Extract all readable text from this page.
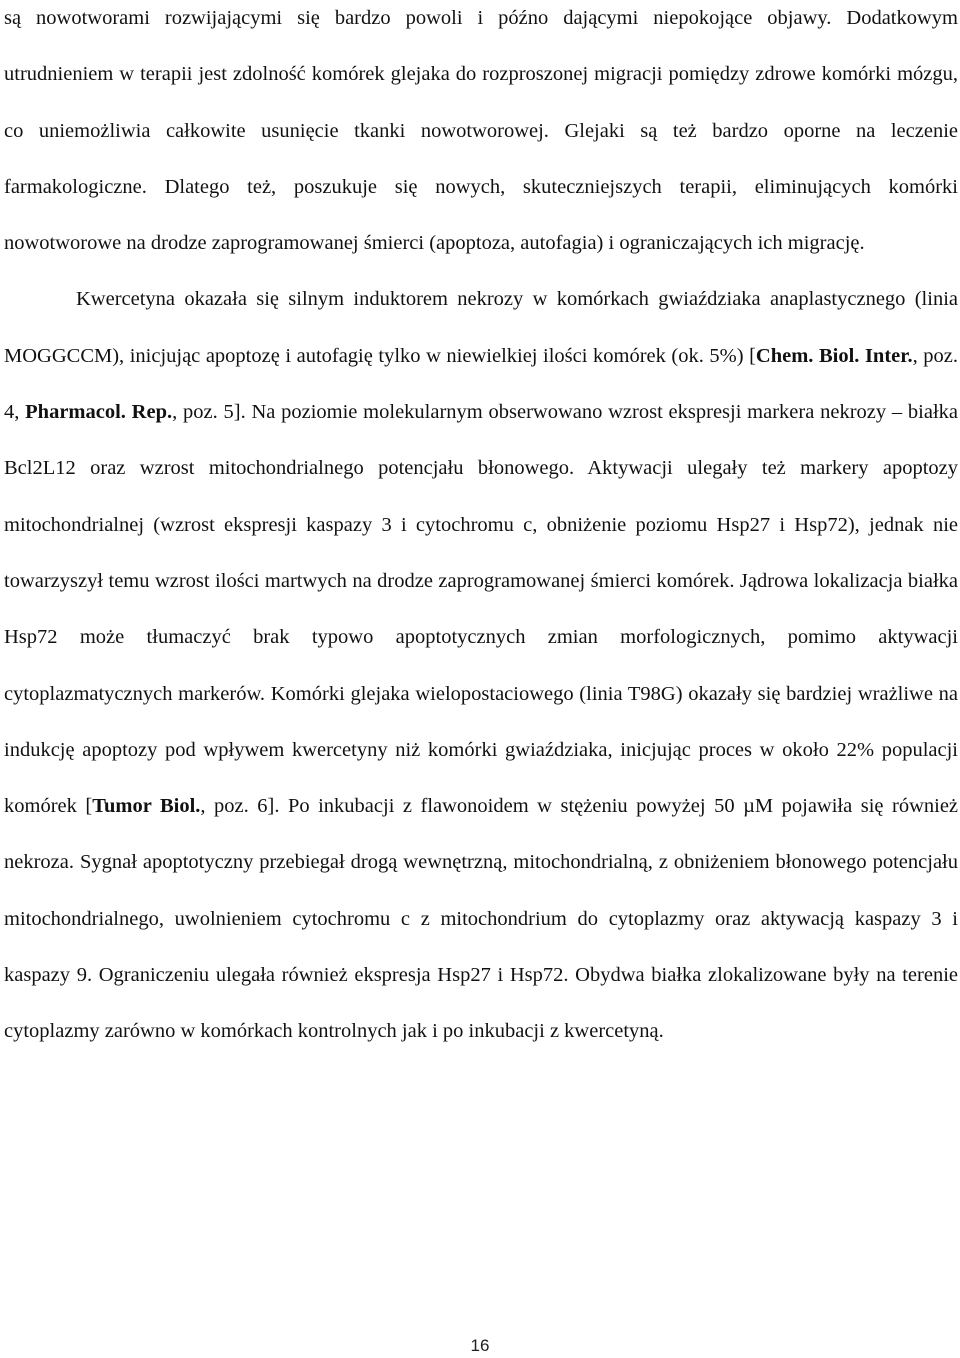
są nowotworami rozwijającymi się bardzo powoli i późno dającymi niepokojące objawy. Dodatkowym utrudnieniem w terapii jest zdolność komórek glejaka do rozproszonej migracji pomiędzy zdrowe komórki mózgu, co uniemożliwia całkowite usunięcie tkanki nowotworowej. Glejaki są też bardzo oporne na leczenie farmakologiczne. Dlatego też, poszukuje się nowych, skuteczniejszych terapii, eliminujących komórki nowotworowe na drodze zaprogramowanej śmierci (apoptoza, autofagia) i ograniczających ich migrację.

Kwercetyna okazała się silnym induktorem nekrozy w komórkach gwiaździaka anaplastycznego (linia MOGGCCM), inicjując apoptozę i autofagię tylko w niewielkiej ilości komórek (ok. 5%) [Chem. Biol. Inter., poz. 4, Pharmacol. Rep., poz. 5]. Na poziomie molekularnym obserwowano wzrost ekspresji markera nekrozy – białka Bcl2L12 oraz wzrost mitochondrialnego potencjału błonowego. Aktywacji ulegały też markery apoptozy mitochondrialnej (wzrost ekspresji kaspazy 3 i cytochromu c, obniżenie poziomu Hsp27 i Hsp72), jednak nie towarzyszył temu wzrost ilości martwych na drodze zaprogramowanej śmierci komórek. Jądrowa lokalizacja białka Hsp72 może tłumaczyć brak typowo apoptotycznych zmian morfologicznych, pomimo aktywacji cytoplazmatycznych markerów. Komórki glejaka wielopostaciowego (linia T98G) okazały się bardziej wrażliwe na indukcję apoptozy pod wpływem kwercetyny niż komórki gwiaździaka, inicjując proces w około 22% populacji komórek [Tumor Biol., poz. 6]. Po inkubacji z flawonoidem w stężeniu powyżej 50 µM pojawiła się również nekroza. Sygnał apoptotyczny przebiegał drogą wewnętrzną, mitochondrialną, z obniżeniem błonowego potencjału mitochondrialnego, uwolnieniem cytochromu c z mitochondrium do cytoplazmy oraz aktywacją kaspazy 3 i kaspazy 9. Ograniczeniu ulegała również ekspresja Hsp27 i Hsp72. Obydwa białka zlokalizowane były na terenie cytoplazmy zarówno w komórkach kontrolnych jak i po inkubacji z kwercetyną.

16
